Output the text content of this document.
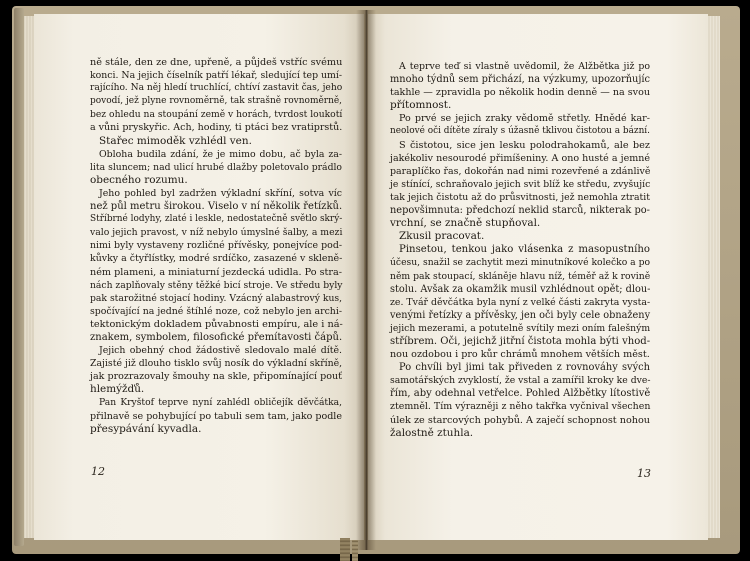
ně stále, den ze dne, upřeně, a půjdeš vstříc svému
konci. Na jejich číselník patří lékař, sledující tep umí-
rajícího. Na něj hledí truchlící, chtíví zastavit čas, jeho
povodí, jež plyne rovnoměrně, tak strašně rovnoměrně,
bez ohledu na stoupání země v horách, tvrdost loukotí
a vůni pryskyřic. Ach, hodiny, ti ptáci bez vratiprstů.
Stařec mimoděk vzhlédl ven.
Obloha budila zdání, že je mimo dobu, ač byla za-
lita sluncem; nad ulicí hrubé dlažby poletovalo prádlo
obecného rozumu.
Jeho pohled byl zadržen výkladní skříní, sotva víc
než půl metru širokou. Viselo v ní několik řetízků.
Stříbrné lodyhy, zlaté i leskle, nedostatečně světlo skrý-
valo jejich pravost, v níž nebylo úmyslné šalby, a mezi
nimi byly vystaveny rozličné přívěsky, ponejvíce pod-
kůvky a čtyřlístky, modré srdíčko, zasazené v skleně-
ném plameni, a miniaturní jezdecká udidla. Po stra-
nách zaplňovaly stěny těžké bicí stroje. Ve středu byly
pak starožitné stojací hodiny. Vzácný alabastrový kus,
spočívající na jedné štíhlé noze, což nebylo jen archi-
tektonickým dokladem půvabnosti empíru, ale i ná-
znakem, symbolem, filosofické přemítavosti čápů.
Jejich obehný chod žádostivě sledovalo malé dítě.
Zajisté již dlouho tisklo svůj nosík do výkladní skříně,
jak prozrazovaly šmouhy na skle, připomínající pouť
hlemýžďů.
Pan Kryštof teprve nyní zahlédl obličejík děvčátka,
přilnavě se pohybující po tabuli sem tam, jako podle
přesypávání kyvadla.
A teprve teď si vlastně uvědomil, že Alžbětka již po
mnoho týdnů sem přichází, na výzkumy, upozorňujíc
takhle — zpravidla po několik hodin denně — na svou
přítomnost.
Po prvé se jejich zraky vědomě střetly. Hnědé kar-
neolové oči dítěte zíraly s úžasně tklivou čistotou a bázní.
S čistotou, sice jen lesku polodrahokamů, ale bez
jakékoliv nesourodé přimíšeniny. A ono husté a jemné
paraplíčko řas, dokořán nad nimi rozevřené a zdánlivě
je stínící, schraňovalo jejich svit blíž ke středu, zvyšujíc
tak jejich čistotu až do průsvitnosti, jež nemohla ztratit
nepovšimnuta: předchozí neklid starců, nikterak po-
vrchní, se značně stupňoval.
Zkusil pracovat.
Pinsetou, tenkou jako vlásenka z masopustního
účesu, snažil se zachytit mezi minutníkové kolečko a po
něm pak stoupací, skláněje hlavu níž, téměř až k rovině
stolu. Avšak za okamžik musil vzhlédnout opět; dlou-
ze. Tvář děvčátka byla nyní z velké části zakryta vysta-
venými řetízky a přívěsky, jen oči byly cele obnaženy
jejich mezerami, a potutelně svítily mezi oním falešným
stříbrem. Oči, jejichž jitřní čistota mohla býti vhod-
nou ozdobou i pro kůr chrámů mnohem větších měst.
Po chvíli byl jimi tak přiveden z rovnováhy svých
samotářských zvyklostí, že vstal a zamířil kroky ke dve-
řím, aby odehnal vetřelce. Pohled Alžbětky lítostivě
ztemněl. Tím výrazněji z něho takřka vyčnival všechen
úlek ze starcových pohybů. A zaječí schopnost nohou
žalostně ztuhla.
12	13
